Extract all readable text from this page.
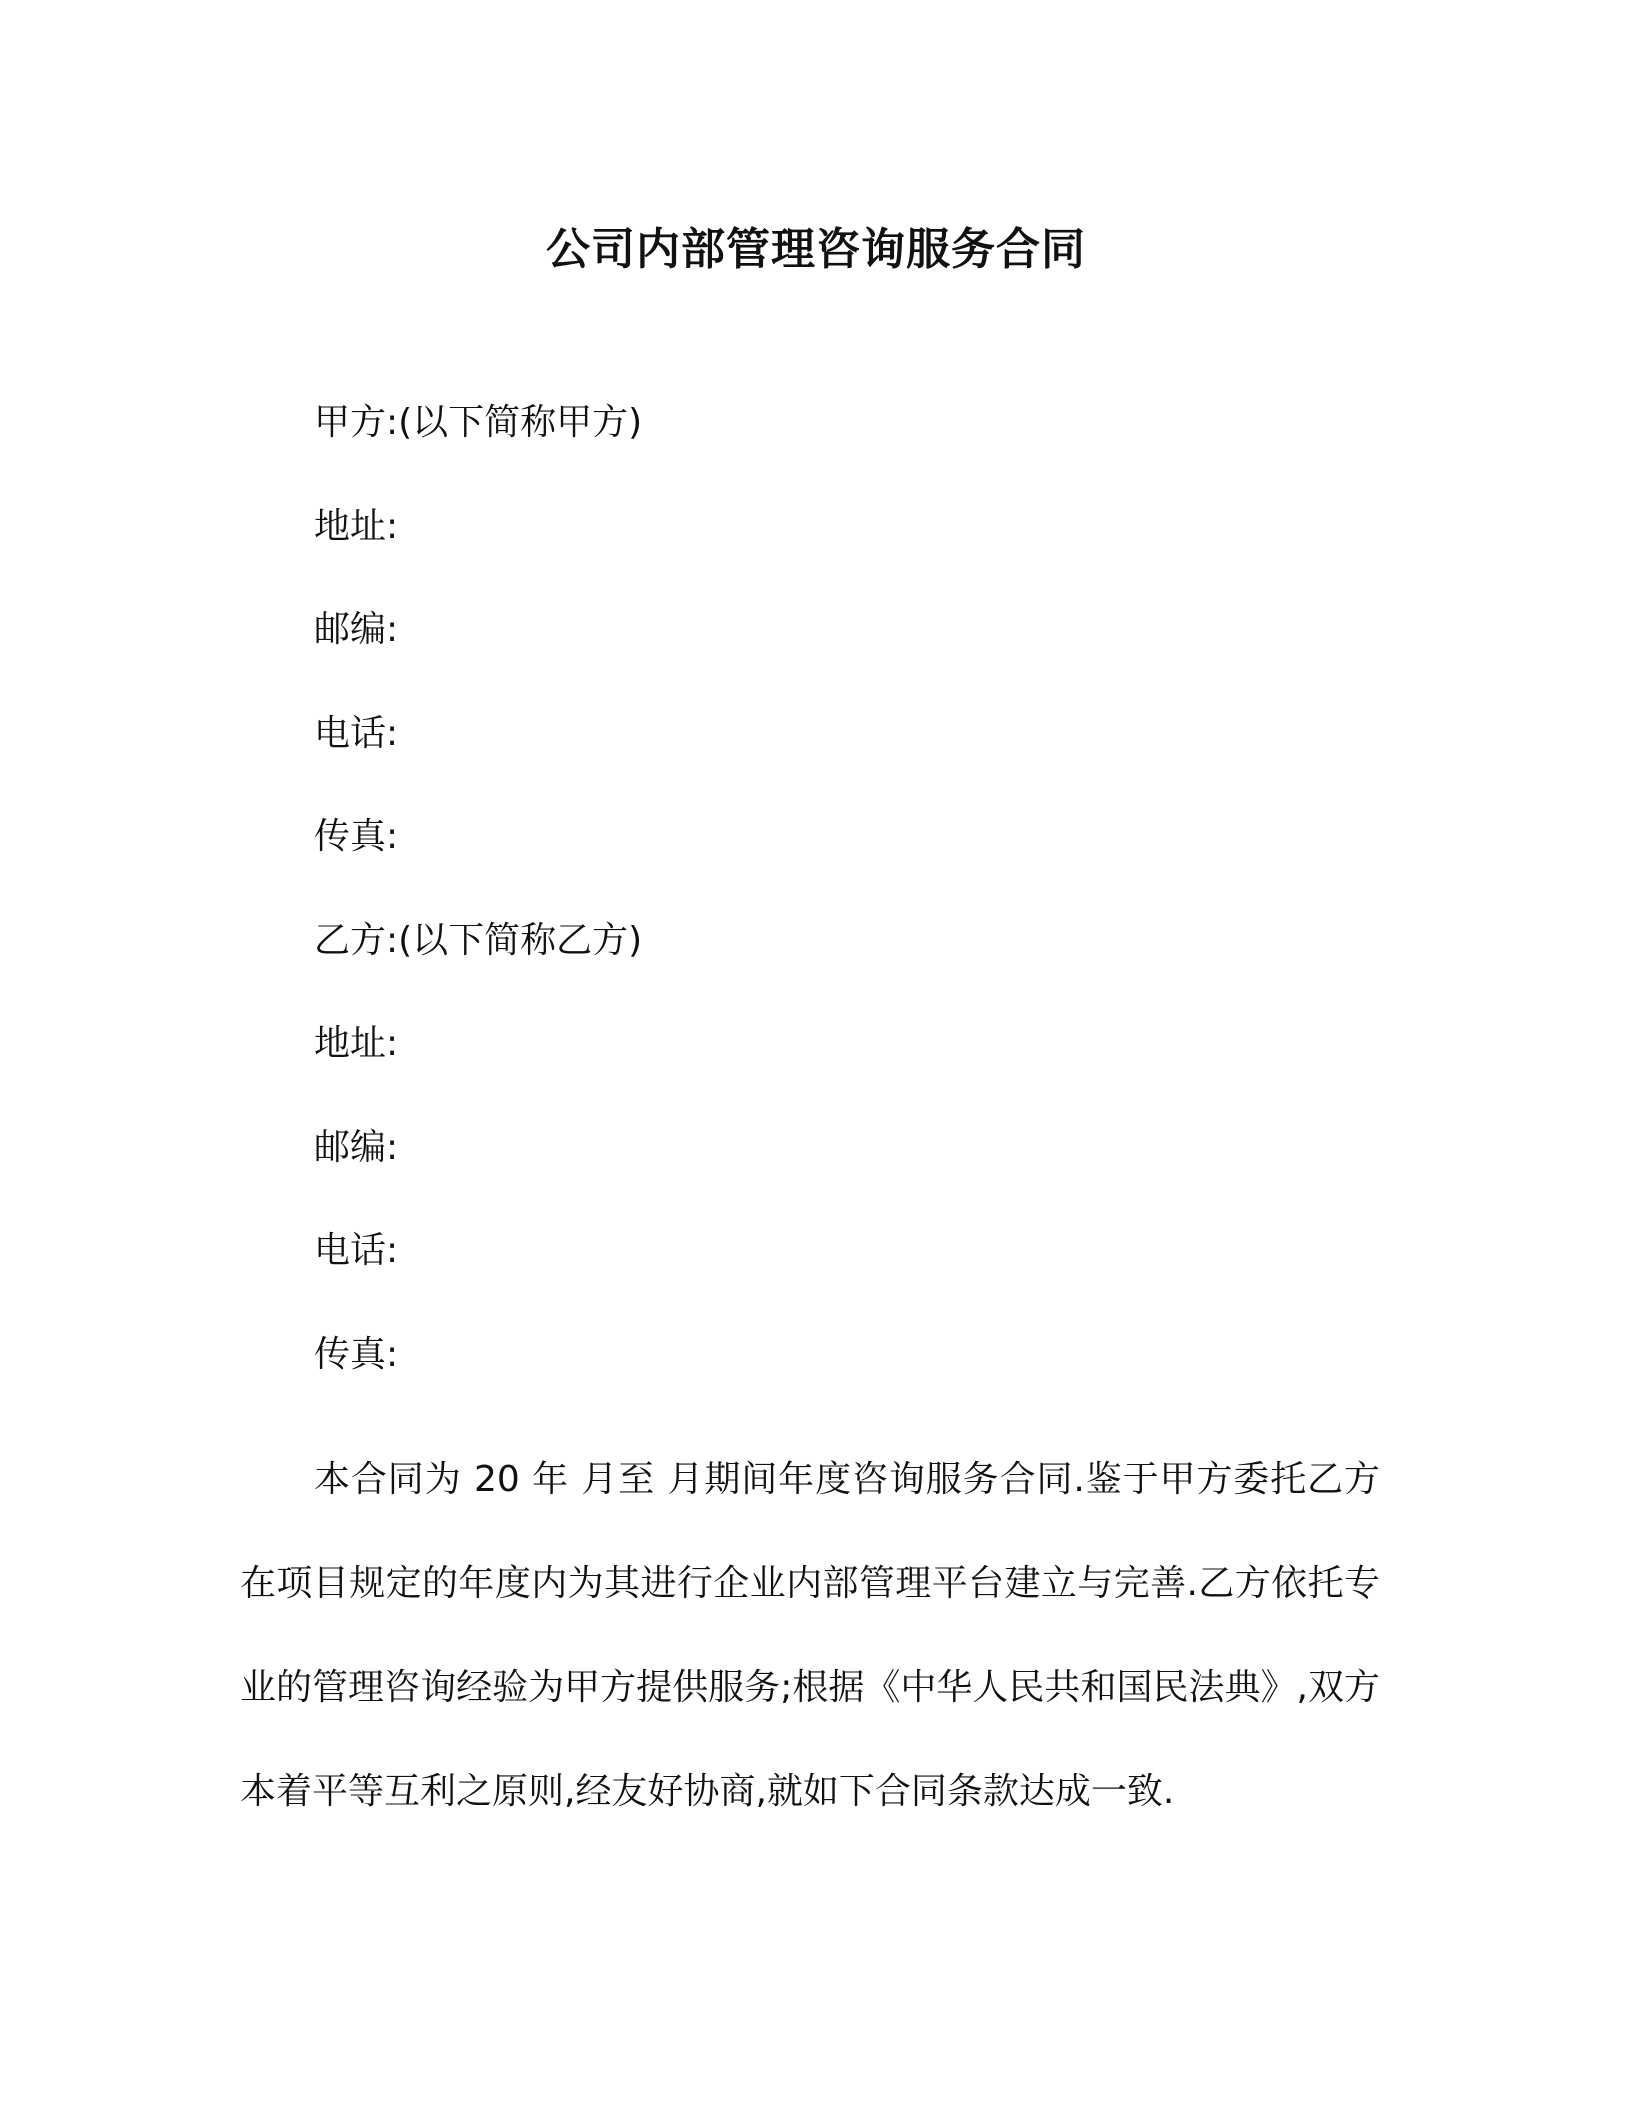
公司内部管理咨询服务合同
甲方:(以下简称甲方)
地址:
邮编:
电话:
传真:
乙方:(以下简称乙方)
地址:
邮编:
电话:
传真:
本合同为 20 年 月至 月期间年度咨询服务合同.鉴于甲方委托乙方在项目规定的年度内为其进行企业内部管理平台建立与完善.乙方依托专业的管理咨询经验为甲方提供服务;根据《中华人民共和国民法典》,双方本着平等互利之原则,经友好协商,就如下合同条款达成一致.
